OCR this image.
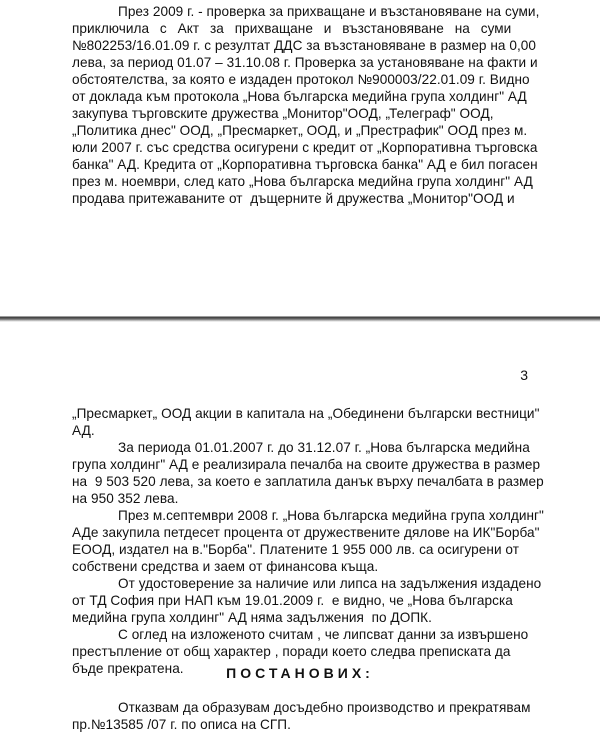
През 2009 г. - проверка за прихващане и възстановяване на суми,
приключила с Акт за прихващане и възстановяване на суми
№802253/16.01.09 г. с резултат ДДС за възстановяване в размер на 0,00
лева, за период 01.07 – 31.10.08 г. Проверка за установяване на факти и
обстоятелства, за която е издаден протокол №900003/22.01.09 г. Видно
от доклада към протокола „Нова българска медийна група холдинг" АД
закупува търговските дружества „Монитор"ООД, „Телеграф" ООД,
„Политика днес" ООД, „Пресмаркет„ ООД, и „Престрафик" ООД през м.
юли 2007 г. със средства осигурени с кредит от „Корпоративна търговска
банка" АД. Кредита от „Корпоративна търговска банка" АД е бил погасен
през м. ноември, след като „Нова българска медийна група холдинг" АД
продава притежаваните от  дъщерните й дружества „Монитор"ООД и
3
„Пресмаркет„ ООД акции в капитала на „Обединени български вестници"
АД.
За периода 01.01.2007 г. до 31.12.07 г. „Нова българска медийна
група холдинг" АД е реализирала печалба на своите дружества в размер
на  9 503 520 лева, за което е заплатила данък върху печалбата в размер
на 950 352 лева.
През м.септември 2008 г. „Нова българска медийна група холдинг"
АДе закупила петдесет процента от дружествените дялове на ИК"Борба"
ЕООД, издател на в."Борба". Платените 1 955 000 лв. са осигурени от
собствени средства и заем от финансова къща.
От удостоверение за наличие или липса на задължения издадено
от ТД София при НАП към 19.01.2009 г.  е видно, че „Нова българска
медийна група холдинг" АД няма задължения  по ДОПК.
С оглед на изложеното считам , че липсват данни за извършено
престъпление от общ характер , поради което следва преписката да
бъде прекратена.	ПОСТАНОВИХ:
Отказвам да образувам досъдебно производство и прекратявам
пр.№13585 /07 г. по описа на СГП.
